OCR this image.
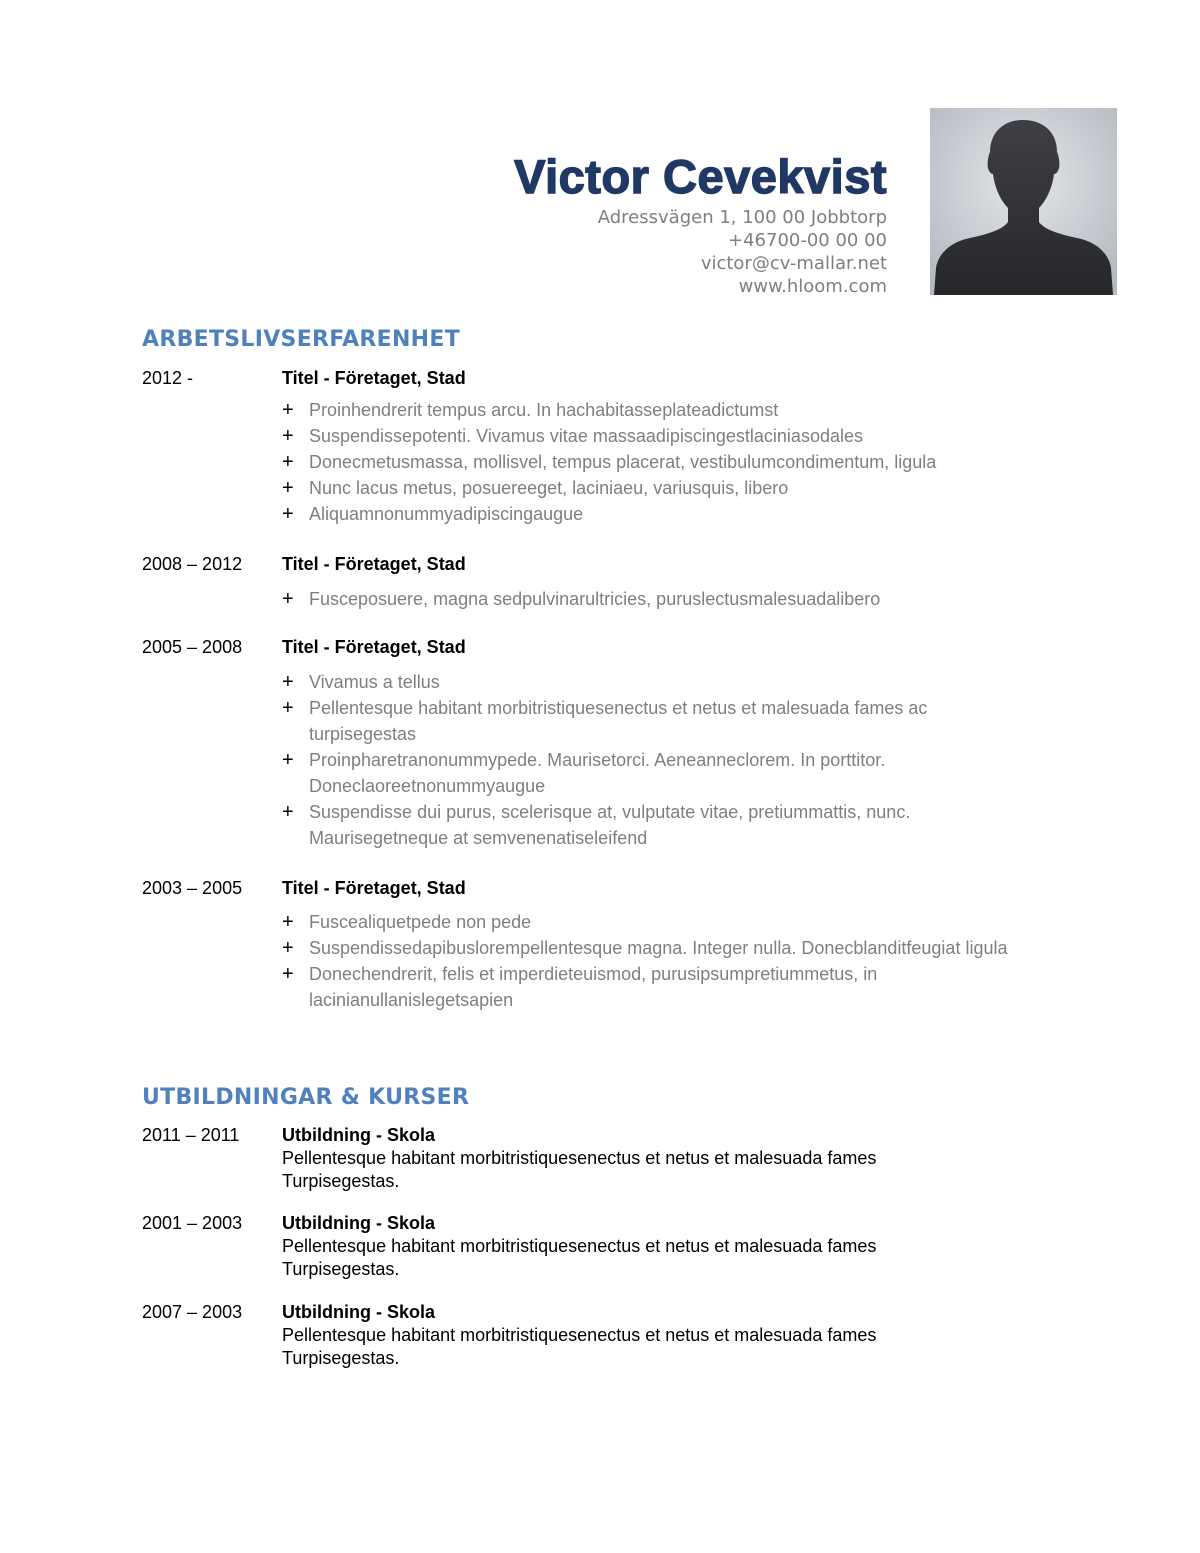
Victor Cevekvist
Adressvägen 1, 100 00 Jobbtorp
+46700-00 00 00
victor@cv-mallar.net
www.hloom.com
ARBETSLIVSERFARENHET
2012 -	Titel - Företaget, Stad
+ Proinhendrerit tempus arcu. In hachabitasseplateadictumst
+ Suspendissepotenti. Vivamus vitae massaadipiscingestlaciniasodales
+ Donecmetusmassa, mollisvel, tempus placerat, vestibulumcondimentum, ligula
+ Nunc lacus metus, posuereeget, laciniaeu, variusquis, libero
+ Aliquamnonummyadipiscingaugue
2008 – 2012 Titel - Företaget, Stad
+ Fusceposuere, magna sedpulvinarultricies, puruslectusmalesuadalibero
2005 – 2008 Titel - Företaget, Stad
+ Vivamus a tellus
+ Pellentesque habitant morbitristiquesenectus et netus et malesuada fames ac turpisegestas
+ Proinpharetranonummypede. Maurisetorci. Aeneanneclorem. In porttitor. Doneclaoreetnonummyaugue
+ Suspendisse dui purus, scelerisque at, vulputate vitae, pretiummattis, nunc. Maurisegetneque at semvenenatiseleifend
2003 – 2005 Titel - Företaget, Stad
+ Fuscealiquetpede non pede
+ Suspendissedapibuslorempellentesque magna. Integer nulla. Donecblanditfeugiat ligula
+ Donechendrerit, felis et imperdieteuismod, purusipsumpretiummetus, in lacinianullanislegetsapien
UTBILDNINGAR & KURSER
2011 – 2011 Utbildning - Skola
Pellentesque habitant morbitristiquesenectus et netus et malesuada fames
Turpisegestas.
2001 – 2003 Utbildning - Skola
Pellentesque habitant morbitristiquesenectus et netus et malesuada fames
Turpisegestas.
2007 – 2003 Utbildning - Skola
Pellentesque habitant morbitristiquesenectus et netus et malesuada fames
Turpisegestas.
